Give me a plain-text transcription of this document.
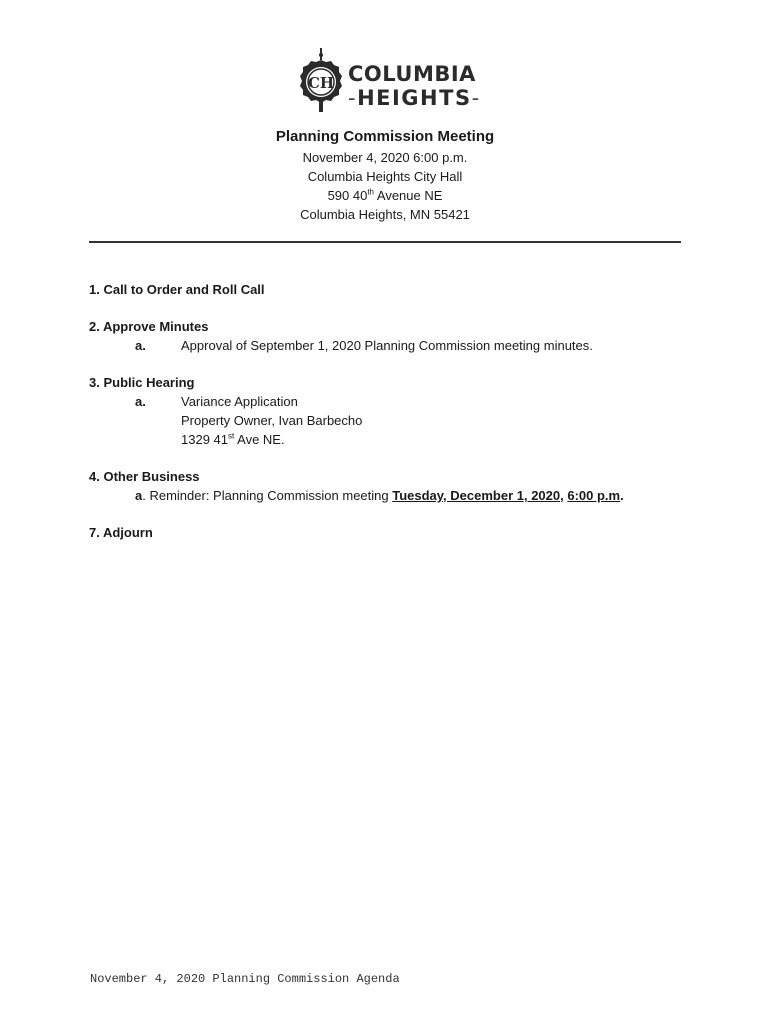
CH COLUMBIA
-HEIGHTS-

Planning Commission Meeting

November 4, 2020 6:00 p.m.

Columbia Heights City Hall

590 40th Avenue NE

Columbia Heights, MN 55421

1. Call to Order and Roll Call

2. Approve Minutes

a.	Approval of September 1, 2020 Planning Commission meeting minutes.

3. Public Hearing

a.	Variance Application
Property Owner, Ivan Barbecho
1329 41st Ave NE.

4. Other Business

a. Reminder: Planning Commission meeting Tuesday, December 1, 2020, 6:00 p.m.

7. Adjourn

November 4, 2020 Planning Commission Agenda
